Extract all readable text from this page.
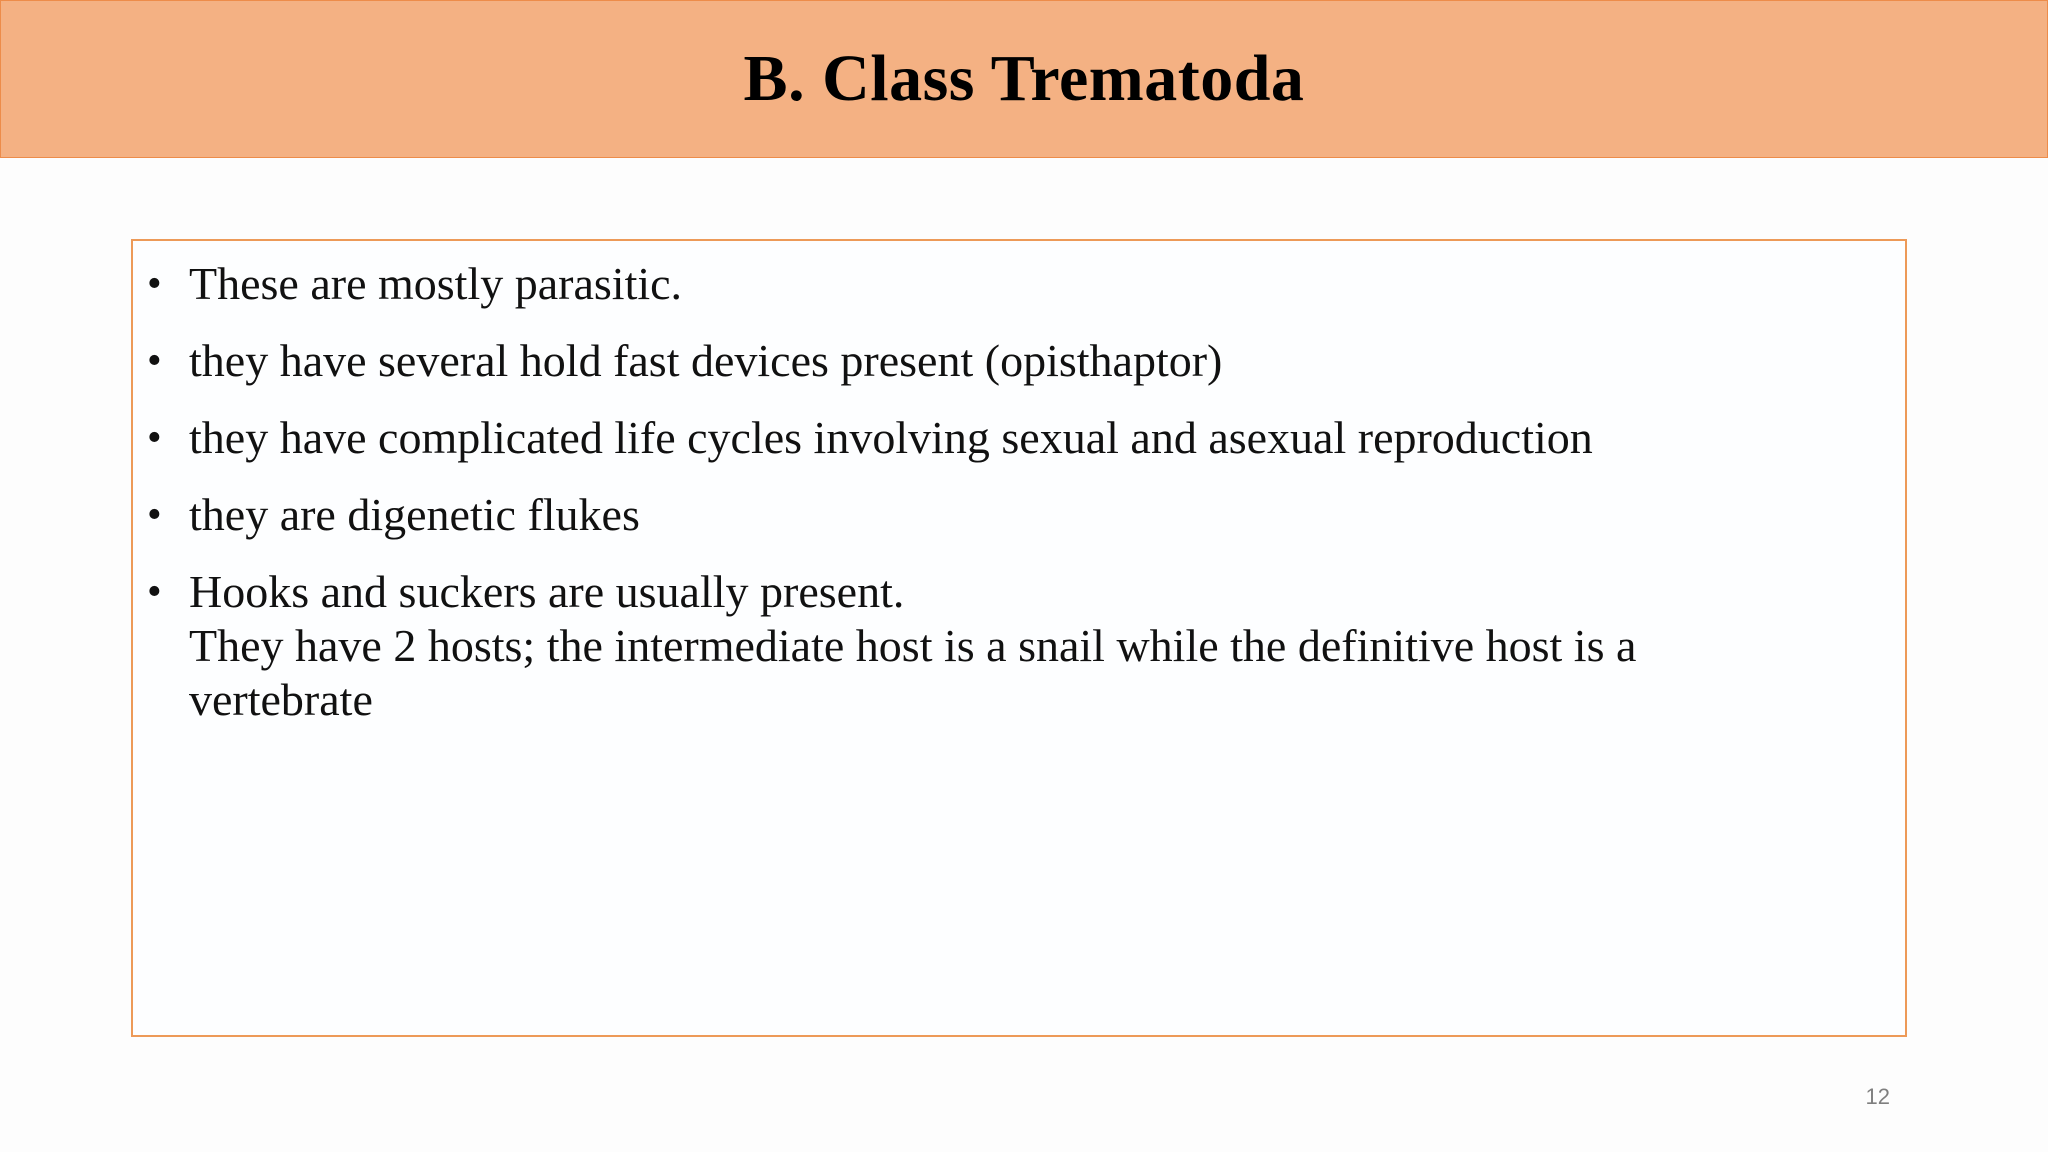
B. Class Trematoda
• These are mostly parasitic.
• they have several hold fast devices present (opisthaptor)
• they have complicated life cycles involving sexual and asexual reproduction
• they are digenetic flukes
• Hooks and suckers are usually present.
They have 2 hosts; the intermediate host is a snail while the definitive host is a
vertebrate
12
